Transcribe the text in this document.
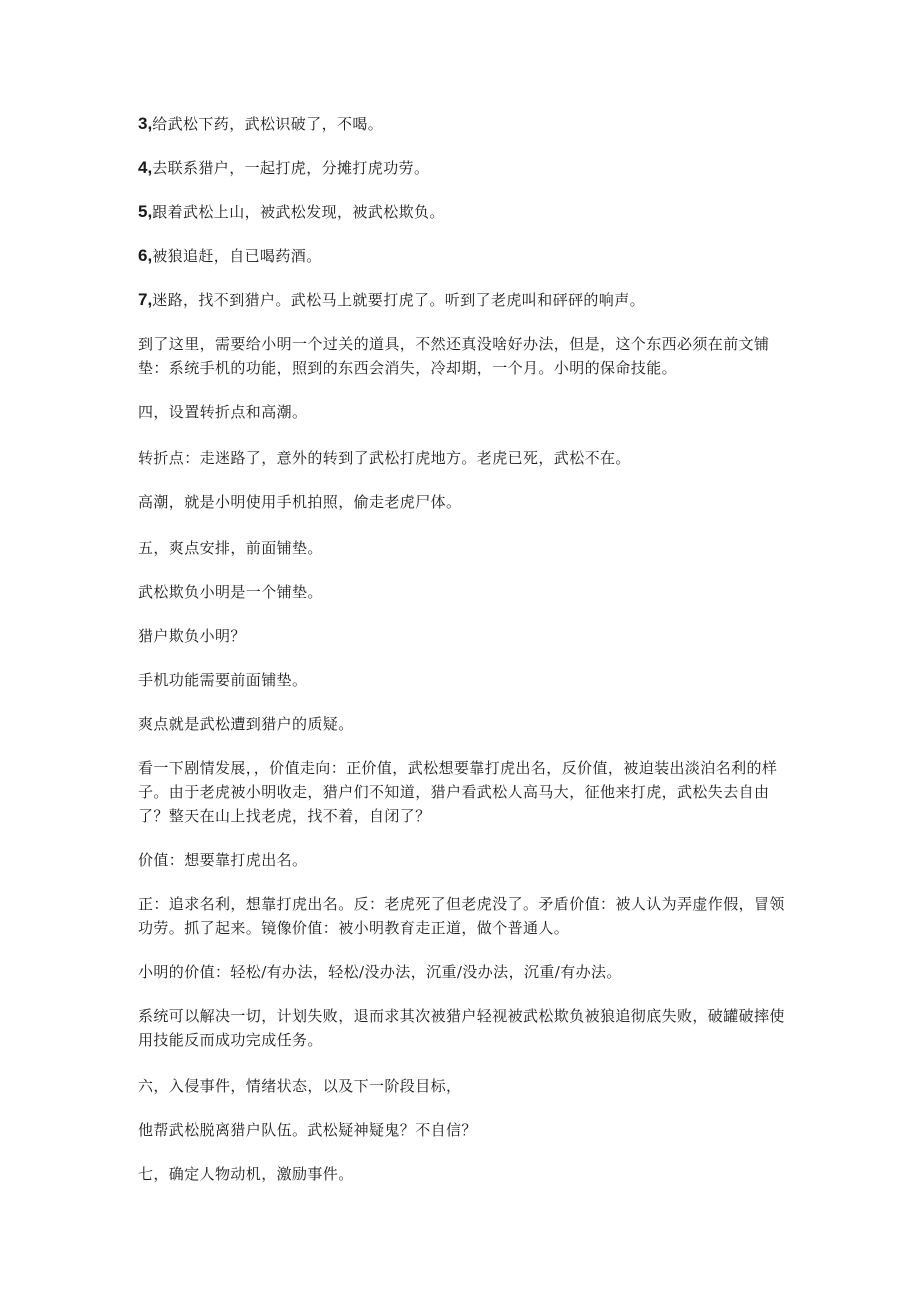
3,给武松下药，武松识破了，不喝。

4,去联系猎户，一起打虎，分摊打虎功劳。

5,跟着武松上山，被武松发现，被武松欺负。

6,被狼追赶，自已喝药酒。

7,迷路，找不到猎户。武松马上就要打虎了。听到了老虎叫和砰砰的响声。

到了这里，需要给小明一个过关的道具，不然还真没啥好办法，但是，这个东西必须在前文铺垫：系统手机的功能，照到的东西会消失，冷却期，一个月。小明的保命技能。

四，设置转折点和高潮。

转折点：走迷路了，意外的转到了武松打虎地方。老虎已死，武松不在。

高潮，就是小明使用手机拍照，偷走老虎尸体。

五，爽点安排，前面铺垫。

武松欺负小明是一个铺垫。

猎户欺负小明？

手机功能需要前面铺垫。

爽点就是武松遭到猎户的质疑。

看一下剧情发展，，价值走向：正价值，武松想要靠打虎出名，反价值，被迫装出淡泊名利的样子。由于老虎被小明收走，猎户们不知道，猎户看武松人高马大，征他来打虎，武松失去自由了？整天在山上找老虎，找不着，自闭了？

价值：想要靠打虎出名。

正：追求名利，想靠打虎出名。反：老虎死了但老虎没了。矛盾价值：被人认为弄虚作假，冒领功劳。抓了起来。镜像价值：被小明教育走正道，做个普通人。

小明的价值：轻松/有办法，轻松/没办法，沉重/没办法，沉重/有办法。

系统可以解决一切，计划失败，退而求其次被猎户轻视被武松欺负被狼追彻底失败，破罐破摔使用技能反而成功完成任务。

六，入侵事件，情绪状态，以及下一阶段目标，

他帮武松脱离猎户队伍。武松疑神疑鬼？不自信？

七，确定人物动机，激励事件。
